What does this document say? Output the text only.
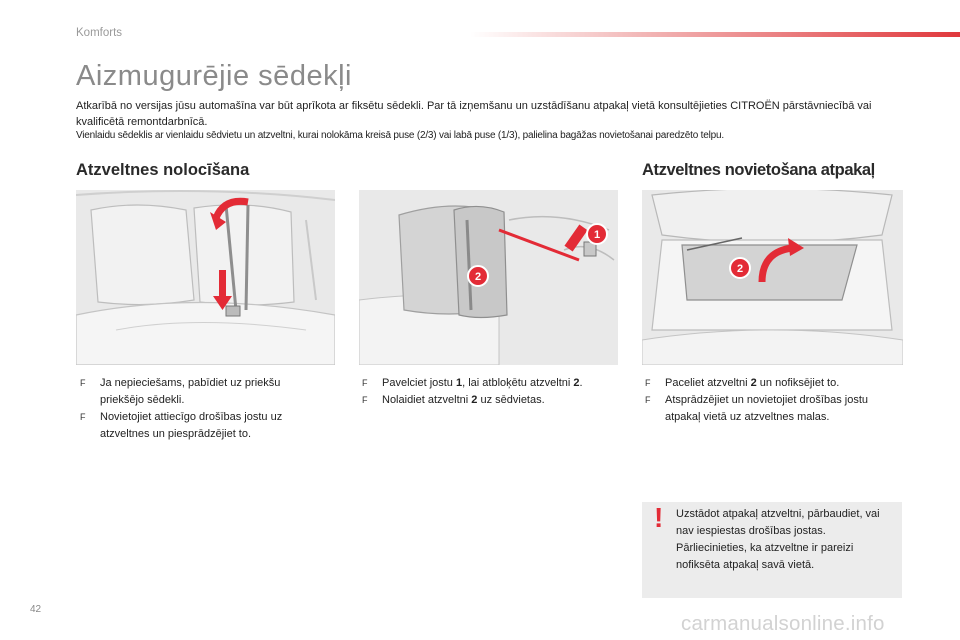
Komforts
Aizmugurējie sēdekļi
Atkarībā no versijas jūsu automašīna var būt aprīkota ar fiksētu sēdekli. Par tā izņemšanu un uzstādīšanu atpakaļ vietā konsultējieties CITROËN pārstāvniecībā vai kvalificētā remontdarbnīcā.
Vienlaidu sēdeklis ar vienlaidu sēdvietu un atzveltni, kurai nolokāma kreisā puse (2/3) vai labā puse (1/3), palielina bagāžas novietošanai paredzēto telpu.
Atzveltnes nolocīšana	Atzveltnes novietošana atpakaļ
1
2
2
F	Ja nepieciešams, pabīdiet uz priekšu priekšējo sēdekli.
F	Novietojiet attiecīgo drošības jostu uz atzveltnes un piesprādzējiet to.
F	Pavelciet jostu 1, lai atbloķētu atzveltni 2.
F	Nolaidiet atzveltni 2 uz sēdvietas.
F	Paceliet atzveltni 2 un nofiksējiet to.
F	Atsprādzējiet un novietojiet drošības jostu atpakaļ vietā uz atzveltnes malas.
! Uzstādot atpakaļ atzveltni, pārbaudiet, vai nav iespiestas drošības jostas. Pārliecinieties, ka atzveltne ir pareizi nofiksēta atpakaļ savā vietā.

42
carmanualsonline.info
